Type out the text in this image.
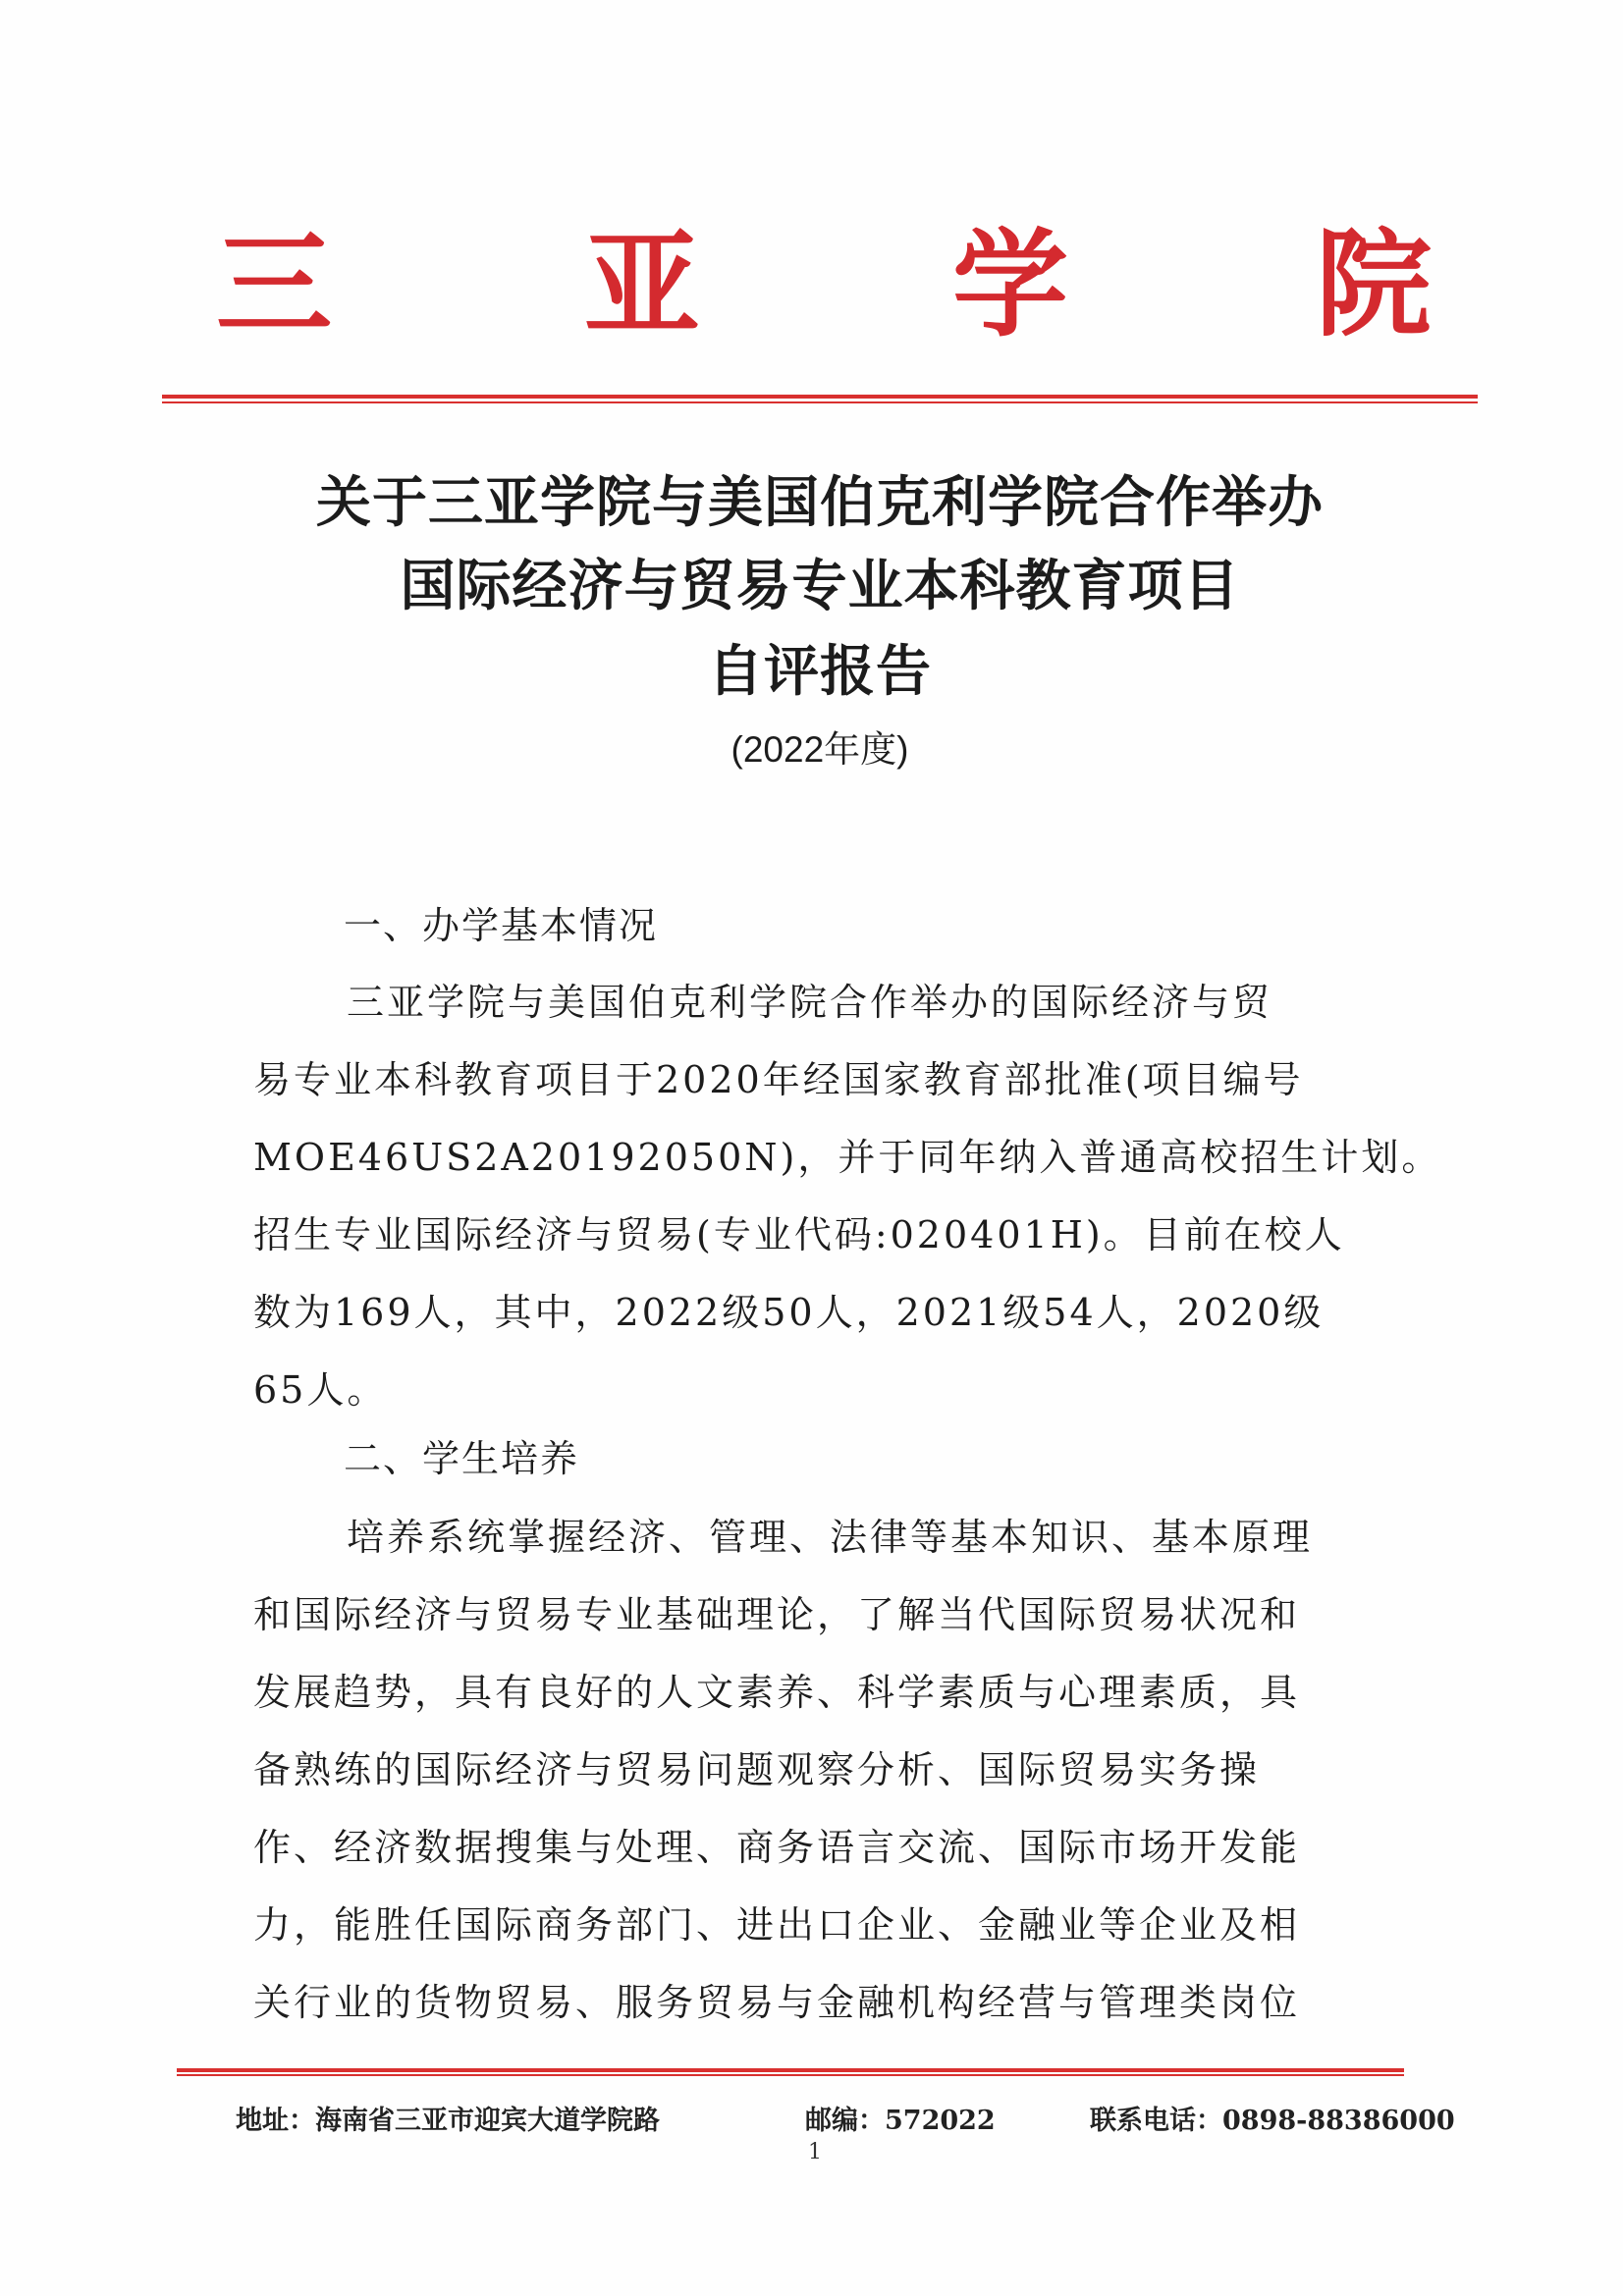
三 亚 学 院
关于三亚学院与美国伯克利学院合作举办
国际经济与贸易专业本科教育项目
自评报告
(2022年度)
一、办学基本情况
三亚学院与美国伯克利学院合作举办的国际经济与贸
易专业本科教育项目于2020年经国家教育部批准(项目编号
MOE46US2A20192050N)，并于同年纳入普通高校招生计划。
招生专业国际经济与贸易(专业代码:020401H)。目前在校人
数为169人，其中，2022级50人，2021级54人，2020级
65人。
二、学生培养
培养系统掌握经济、管理、法律等基本知识、基本原理
和国际经济与贸易专业基础理论，了解当代国际贸易状况和
发展趋势，具有良好的人文素养、科学素质与心理素质，具
备熟练的国际经济与贸易问题观察分析、国际贸易实务操
作、经济数据搜集与处理、商务语言交流、国际市场开发能
力，能胜任国际商务部门、进出口企业、金融业等企业及相
关行业的货物贸易、服务贸易与金融机构经营与管理类岗位
地址：海南省三亚市迎宾大道学院路	邮编：572022	联系电话：0898-88386000
1
